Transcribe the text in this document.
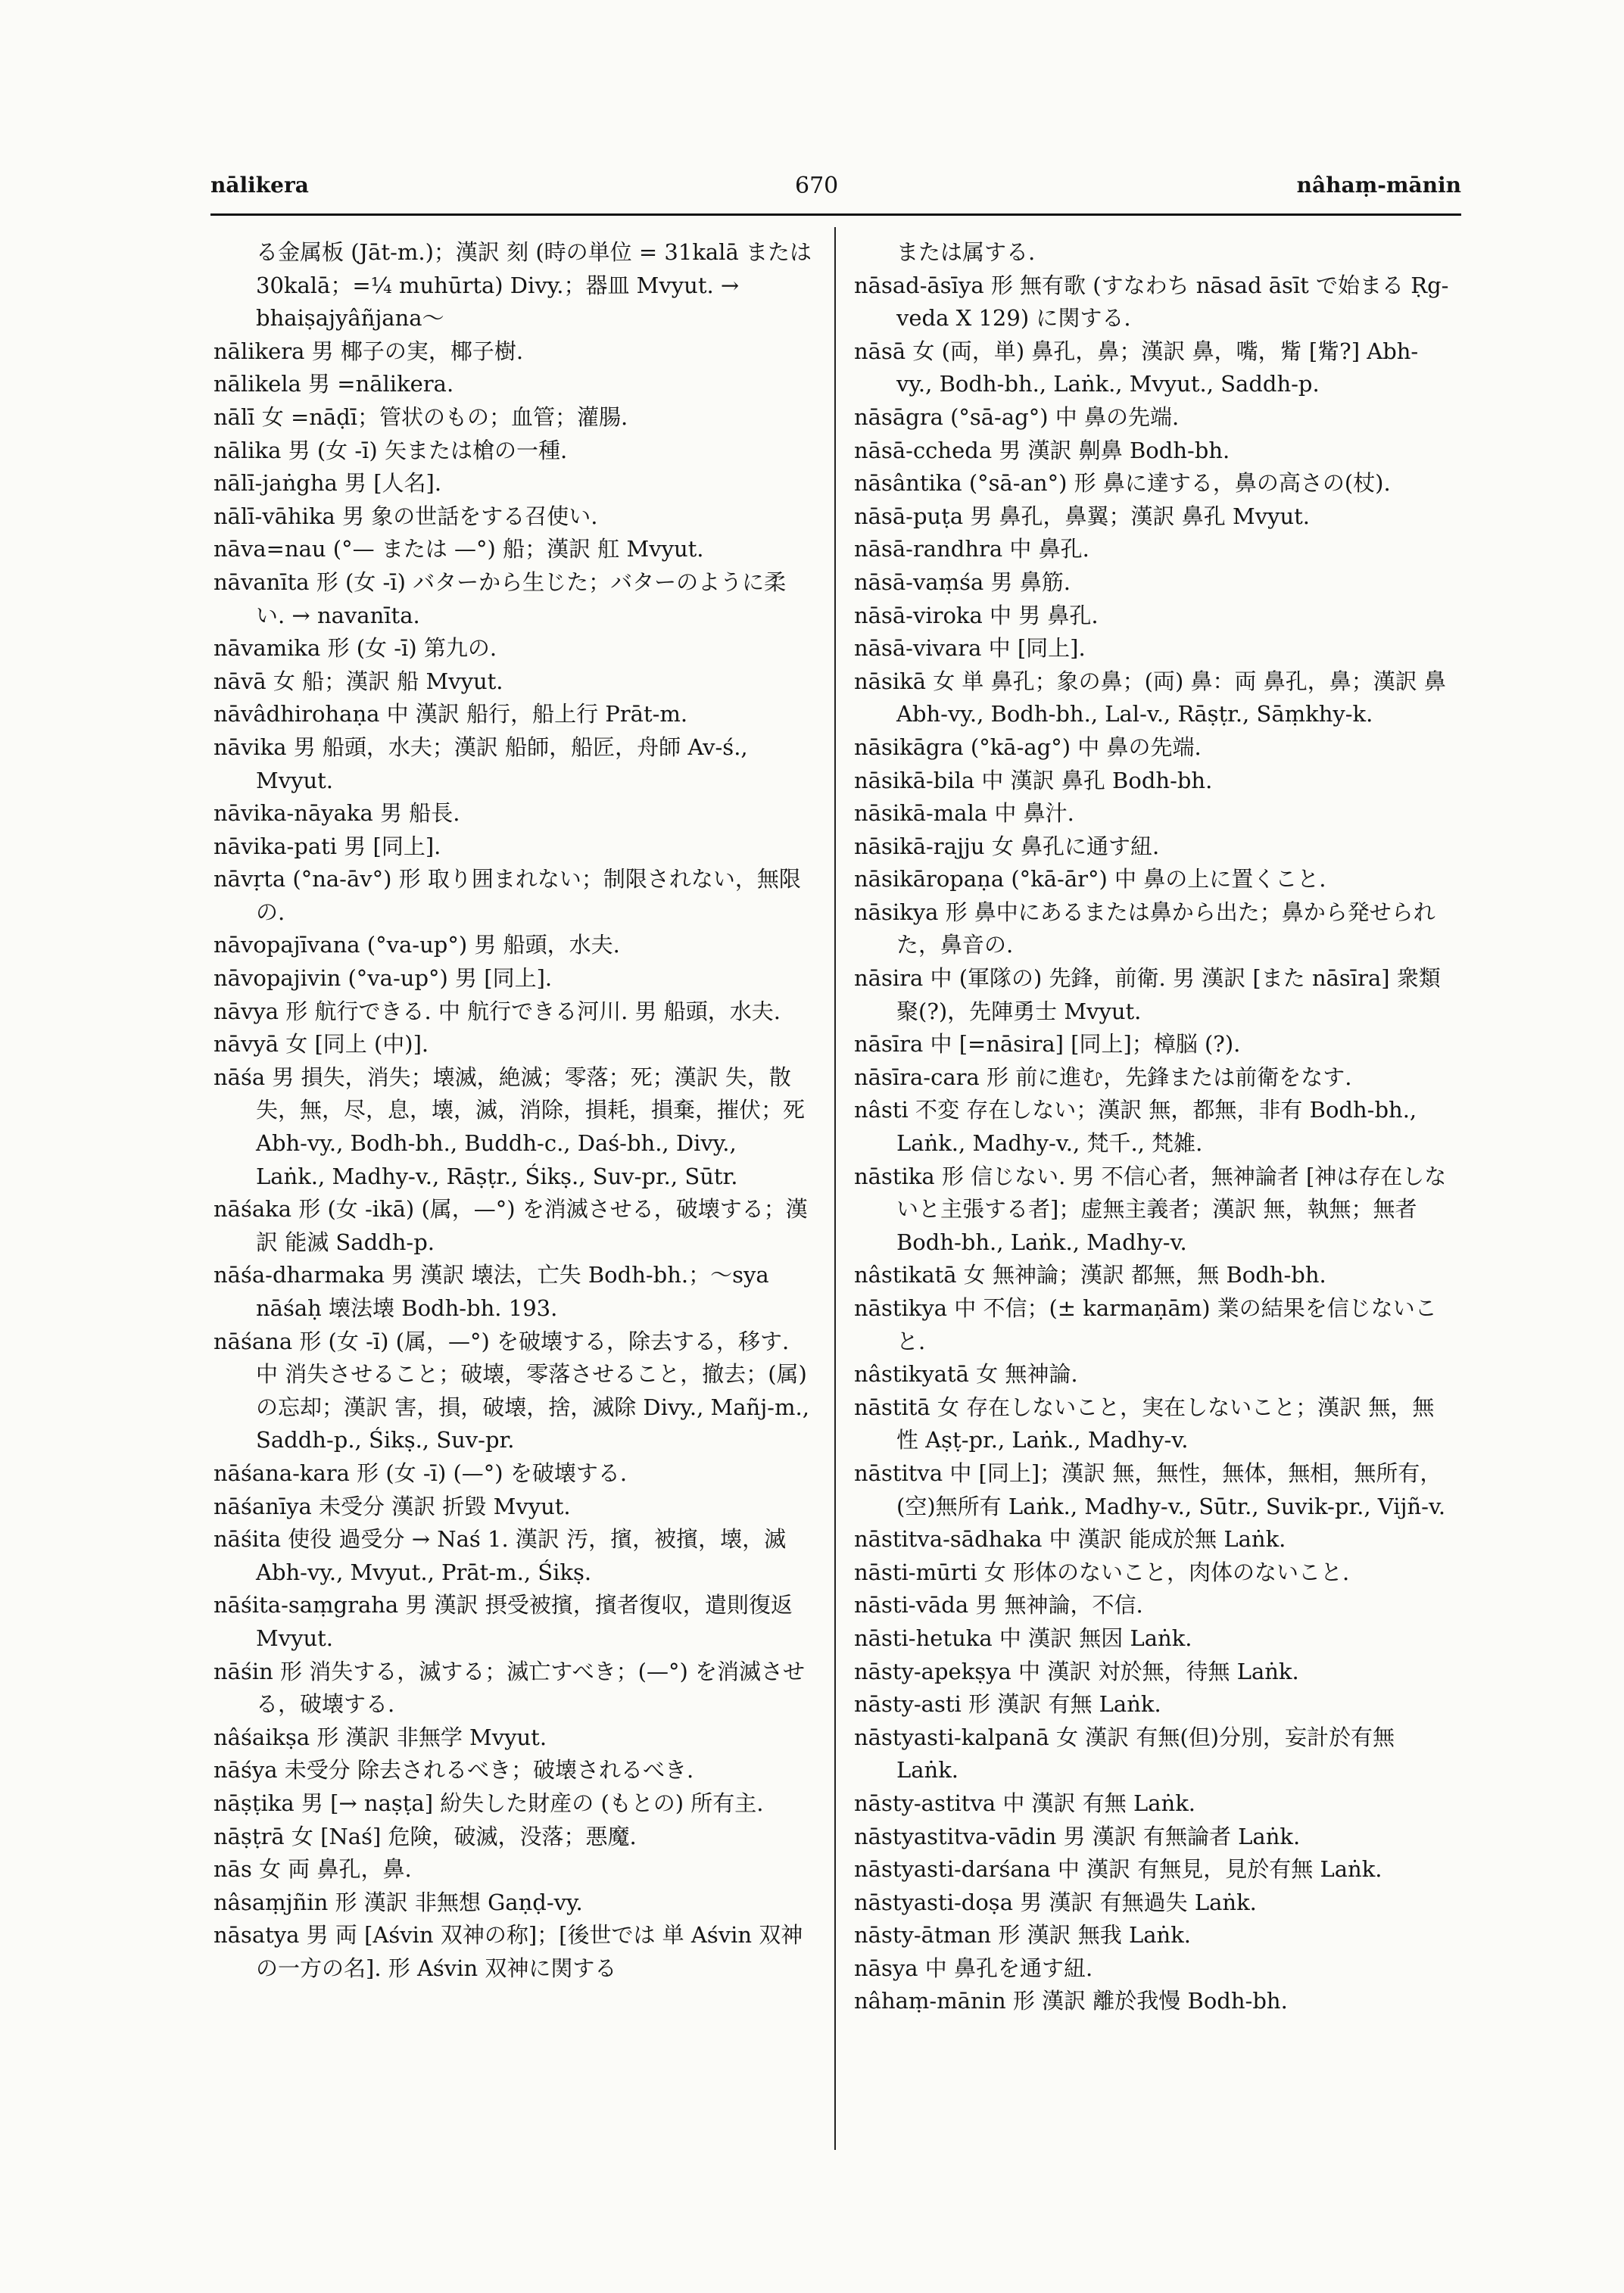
nālikera	670	nâhaṃ-mānin

る金属板 (Jāt-m.)；漢訳 刻 (時の単位 = 31kalā または 30kalā；=¹⁄₄ muhūrta) Divy.；器皿 Mvyut. → bhaiṣajyâñjana～

nālikera 男 椰子の実，椰子樹.

nālikela 男 =nālikera.

nālī 女 =nāḍī；管状のもの；血管；灌腸.

nālika 男 (女 -ī) 矢または槍の一種.

nālī-jaṅgha 男 [人名].

nālī-vāhika 男 象の世話をする召使い.

nāva=nau (°— または —°) 船；漢訳 舡 Mvyut.

nāvanīta 形 (女 -ī) バターから生じた；バターのように柔い. → navanīta.

nāvamika 形 (女 -ī) 第九の.

nāvā 女 船；漢訳 船 Mvyut.

nāvâdhirohaṇa 中 漢訳 船行，船上行 Prāt-m.

nāvika 男 船頭，水夫；漢訳 船師，船匠，舟師 Av-ś., Mvyut.

nāvika-nāyaka 男 船長.

nāvika-pati 男 [同上].

nāvṛta (°na-āv°) 形 取り囲まれない；制限されない，無限の.

nāvopajīvana (°va-up°) 男 船頭，水夫.

nāvopajivin (°va-up°) 男 [同上].

nāvya 形 航行できる. 中 航行できる河川. 男 船頭，水夫.

nāvyā 女 [同上 (中)].

nāśa 男 損失，消失；壊滅，絶滅；零落；死；漢訳 失，散失，無，尽，息，壊，滅，消除，損耗，損棄，摧伏；死 Abh-vy., Bodh-bh., Buddh-c., Daś-bh., Divy., Laṅk., Madhy-v., Rāṣṭr., Śikṣ., Suv-pr., Sūtr.

nāśaka 形 (女 -ikā) (属，—°) を消滅させる，破壊する；漢訳 能滅 Saddh-p.

nāśa-dharmaka 男 漢訳 壊法，亡失 Bodh-bh.；～sya nāśaḥ 壊法壊 Bodh-bh. 193.

nāśana 形 (女 -ī) (属，—°) を破壊する，除去する，移す. 中 消失させること；破壊，零落させること，撤去；(属) の忘却；漢訳 害，損，破壊，捨，滅除 Divy., Mañj-m., Saddh-p., Śikṣ., Suv-pr.

nāśana-kara 形 (女 -ī) (—°) を破壊する.

nāśanīya 未受分 漢訳 折毀 Mvyut.

nāśita 使役 過受分 → Naś 1. 漢訳 汚，擯，被擯，壊，滅 Abh-vy., Mvyut., Prāt-m., Śikṣ.

nāśita-saṃgraha 男 漢訳 摂受被擯，擯者復収，遣則復返 Mvyut.

nāśin 形 消失する，滅する；滅亡すべき；(—°) を消滅させる，破壊する.

nâśaikṣa 形 漢訳 非無学 Mvyut.

nāśya 未受分 除去されるべき；破壊されるべき.

nāṣṭika 男 [→ naṣṭa] 紛失した財産の (もとの) 所有主.

nāṣṭrā 女 [Naś] 危険，破滅，没落；悪魔.

nās 女 両 鼻孔，鼻.

nâsaṃjñin 形 漢訳 非無想 Gaṇḍ-vy.

nāsatya 男 両 [Aśvin 双神の称]；[後世では 単 Aśvin 双神の一方の名]. 形 Aśvin 双神に関する

または属する.

nāsad-āsīya 形 無有歌 (すなわち nāsad āsīt で始まる Ṛg-veda X 129) に関する.

nāsā 女 (両，単) 鼻孔，鼻；漢訳 鼻，嘴，觜 [觜?] Abh-vy., Bodh-bh., Laṅk., Mvyut., Saddh-p.

nāsāgra (°sā-ag°) 中 鼻の先端.

nāsā-ccheda 男 漢訳 劓鼻 Bodh-bh.

nāsântika (°sā-an°) 形 鼻に達する，鼻の高さの(杖).

nāsā-puṭa 男 鼻孔，鼻翼；漢訳 鼻孔 Mvyut.

nāsā-randhra 中 鼻孔.

nāsā-vaṃśa 男 鼻筋.

nāsā-viroka 中 男 鼻孔.

nāsā-vivara 中 [同上].

nāsikā 女 単 鼻孔；象の鼻；(両) 鼻：両 鼻孔，鼻；漢訳 鼻 Abh-vy., Bodh-bh., Lal-v., Rāṣṭr., Sāṃkhy-k.

nāsikāgra (°kā-ag°) 中 鼻の先端.

nāsikā-bila 中 漢訳 鼻孔 Bodh-bh.

nāsikā-mala 中 鼻汁.

nāsikā-rajju 女 鼻孔に通す紐.

nāsikāropaṇa (°kā-ār°) 中 鼻の上に置くこと.

nāsikya 形 鼻中にあるまたは鼻から出た；鼻から発せられた，鼻音の.

nāsira 中 (軍隊の) 先鋒，前衛. 男 漢訳 [また nāsīra] 衆類聚(?)，先陣勇士 Mvyut.

nāsīra 中 [=nāsira] [同上]；樟脳 (?).

nāsīra-cara 形 前に進む，先鋒または前衛をなす.

nâsti 不変 存在しない；漢訳 無，都無，非有 Bodh-bh., Laṅk., Madhy-v., 梵千., 梵雑.

nāstika 形 信じない. 男 不信心者，無神論者 [神は存在しないと主張する者]；虚無主義者；漢訳 無，執無；無者 Bodh-bh., Laṅk., Madhy-v.

nâstikatā 女 無神論；漢訳 都無，無 Bodh-bh.

nāstikya 中 不信；(± karmaṇām) 業の結果を信じないこと.

nâstikyatā 女 無神論.

nāstitā 女 存在しないこと，実在しないこと；漢訳 無，無性 Aṣṭ-pr., Laṅk., Madhy-v.

nāstitva 中 [同上]；漢訳 無，無性，無体，無相，無所有，(空)無所有 Laṅk., Madhy-v., Sūtr., Suvik-pr., Vijñ-v.

nāstitva-sādhaka 中 漢訳 能成於無 Laṅk.

nāsti-mūrti 女 形体のないこと，肉体のないこと.

nāsti-vāda 男 無神論，不信.

nāsti-hetuka 中 漢訳 無因 Laṅk.

nāsty-apekṣya 中 漢訳 対於無，待無 Laṅk.

nāsty-asti 形 漢訳 有無 Laṅk.

nāstyasti-kalpanā 女 漢訳 有無(但)分別，妄計於有無 Laṅk.

nāsty-astitva 中 漢訳 有無 Laṅk.

nāstyastitva-vādin 男 漢訳 有無論者 Laṅk.

nāstyasti-darśana 中 漢訳 有無見，見於有無 Laṅk.

nāstyasti-doṣa 男 漢訳 有無過失 Laṅk.

nāsty-ātman 形 漢訳 無我 Laṅk.

nāsya 中 鼻孔を通す紐.

nâhaṃ-mānin 形 漢訳 離於我慢 Bodh-bh.
